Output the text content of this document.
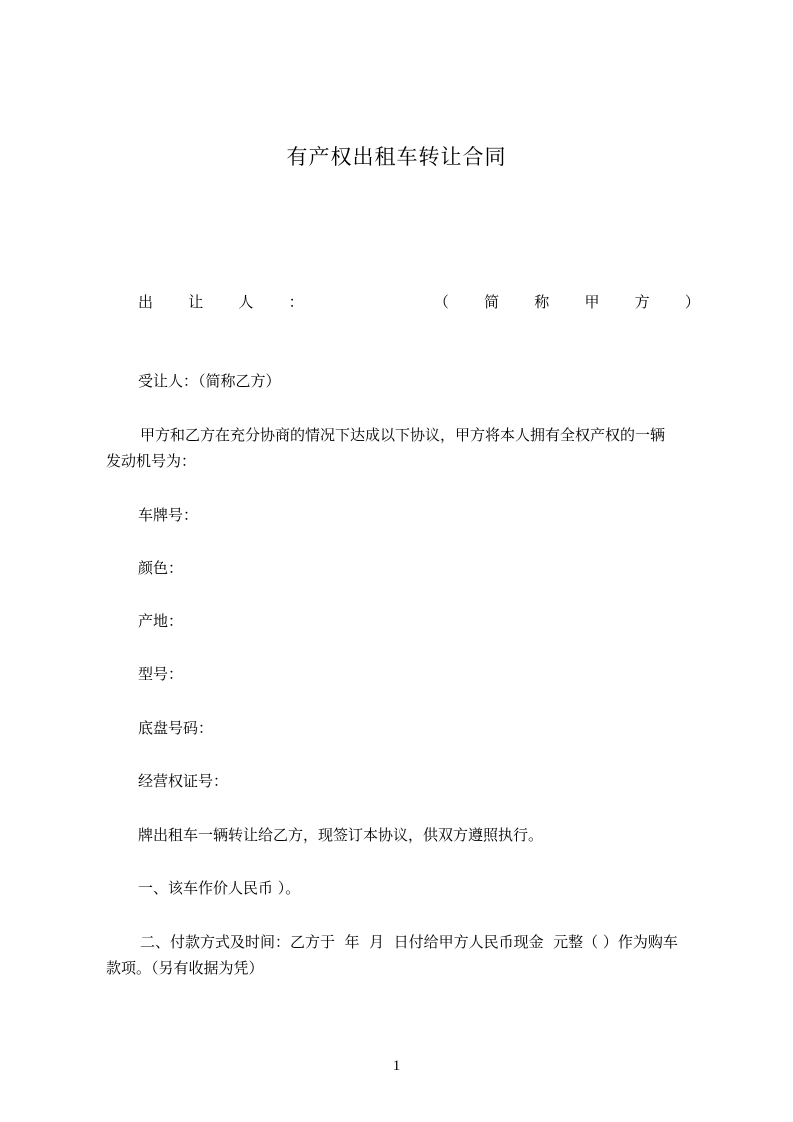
有产权出租车转让合同
出 让 人 ：	（ 简 称 甲 方 ）
受让人：（简称乙方）
甲方和乙方在充分协商的情况下达成以下协议，甲方将本人拥有全权产权的一辆
发动机号为：
车牌号：
颜色：
产地：
型号：
底盘号码：
经营权证号：
牌出租车一辆转让给乙方，现签订本协议，供双方遵照执行。
一、该车作价人民币 ）。
二、付款方式及时间：乙方于  年  月  日付给甲方人民币现金  元整（ ）作为购车
款项。（另有收据为凭）
1
